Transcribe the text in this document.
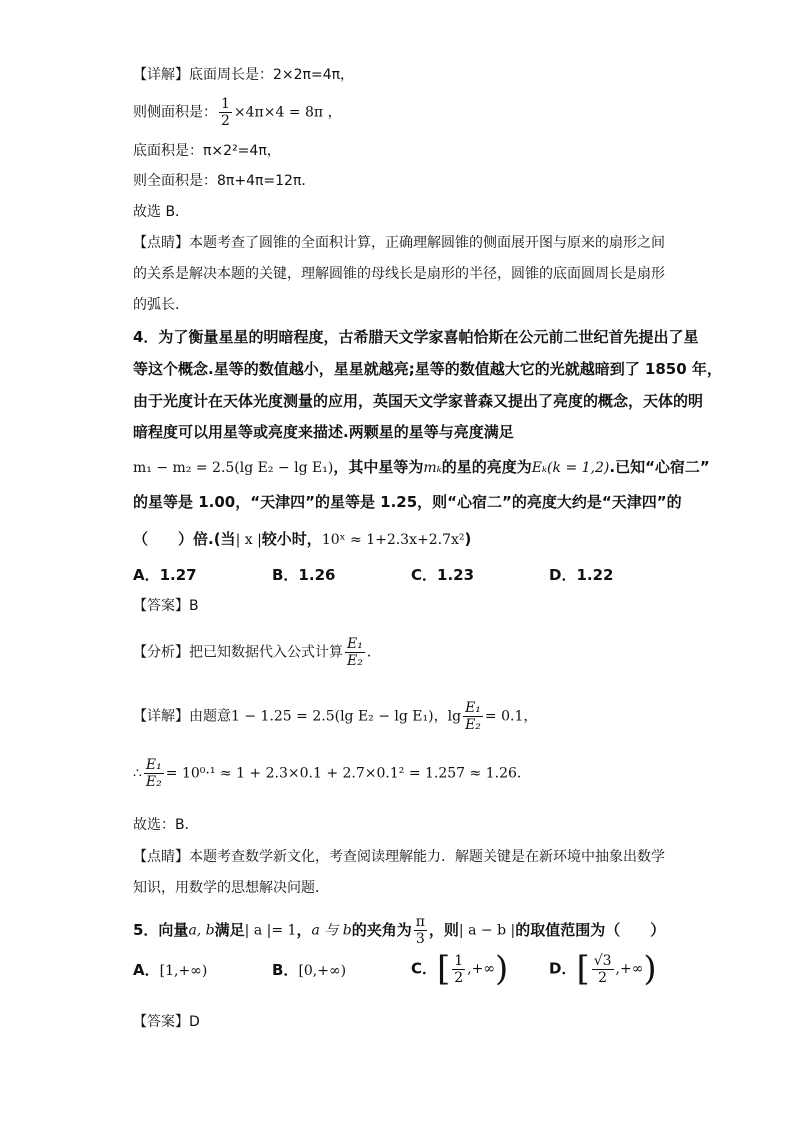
【详解】底面周长是：2×2π=4π，
则侧面积是： $\frac{1}{2} \times 4\pi\times 4 = 8\pi$ ，
底面积是：π×2²=4π，
则全面积是：8π+4π=12π．
故选 B．
【点睛】本题考查了圆锥的全面积计算，正确理解圆锥的侧面展开图与原来的扇形之间
的关系是解决本题的关键，理解圆锥的母线长是扇形的半径，圆锥的底面圆周长是扇形
的弧长．
4．为了衡量星星的明暗程度，古希腊天文学家喜帕恰斯在公元前二世纪首先提出了星
等这个概念.星等的数值越小，星星就越亮;星等的数值越大它的光就越暗到了 1850 年，
由于光度计在天体光度测量的应用，英国天文学家普森又提出了亮度的概念，天体的明
暗程度可以用星等或亮度来描述.两颗星的星等与亮度满足
m₁ − m₂ = 2.5(lg E₂ − lg E₁)，其中星等为mₖ的星的亮度为Eₖ(k = 1,2).已知“心宿二”
的星等是 1.00，“天津四”的星等是 1.25，则“心宿二”的亮度大约是“天津四”的
（　　）倍.(当| x |较小时，10ˣ ≈ 1+2.3x+2.7x²)
A．1.27	B．1.26	C．1.23	D．1.22
【答案】B
【分析】把已知数据代入公式计算 $\frac{\text{E₁}}{\text{E₂}}$ ．
【详解】由题意1 − 1.25 = 2.5(lg E₂ − lg E₁)，$\lg \frac{\text{E₁}}{\text{E₂}} = 0.1$，
∴ $\frac{\text{E₁}}{\text{E₂}} = 10^0\cdot^1 \approx 1 + 2.3\times 0.1 + 2.7\times 0.1^2 = 1.257 \approx 1.26$．
故选：B．
【点睛】本题考查数学新文化，考查阅读理解能力．解题关键是在新环境中抽象出数学
知识，用数学的思想解决问题．
5．向量a, b满足| a |= 1，a 与 b的夹角为 $\frac{\pi}{3}$ ，则| a − b |的取值范围为（　　）
A．[1,+∞)	B．[0,+∞)	C．[ $\frac{1}{2}$ ,+∞)	D．[ $\frac{√3}{2}$ ,+∞)
【答案】D
